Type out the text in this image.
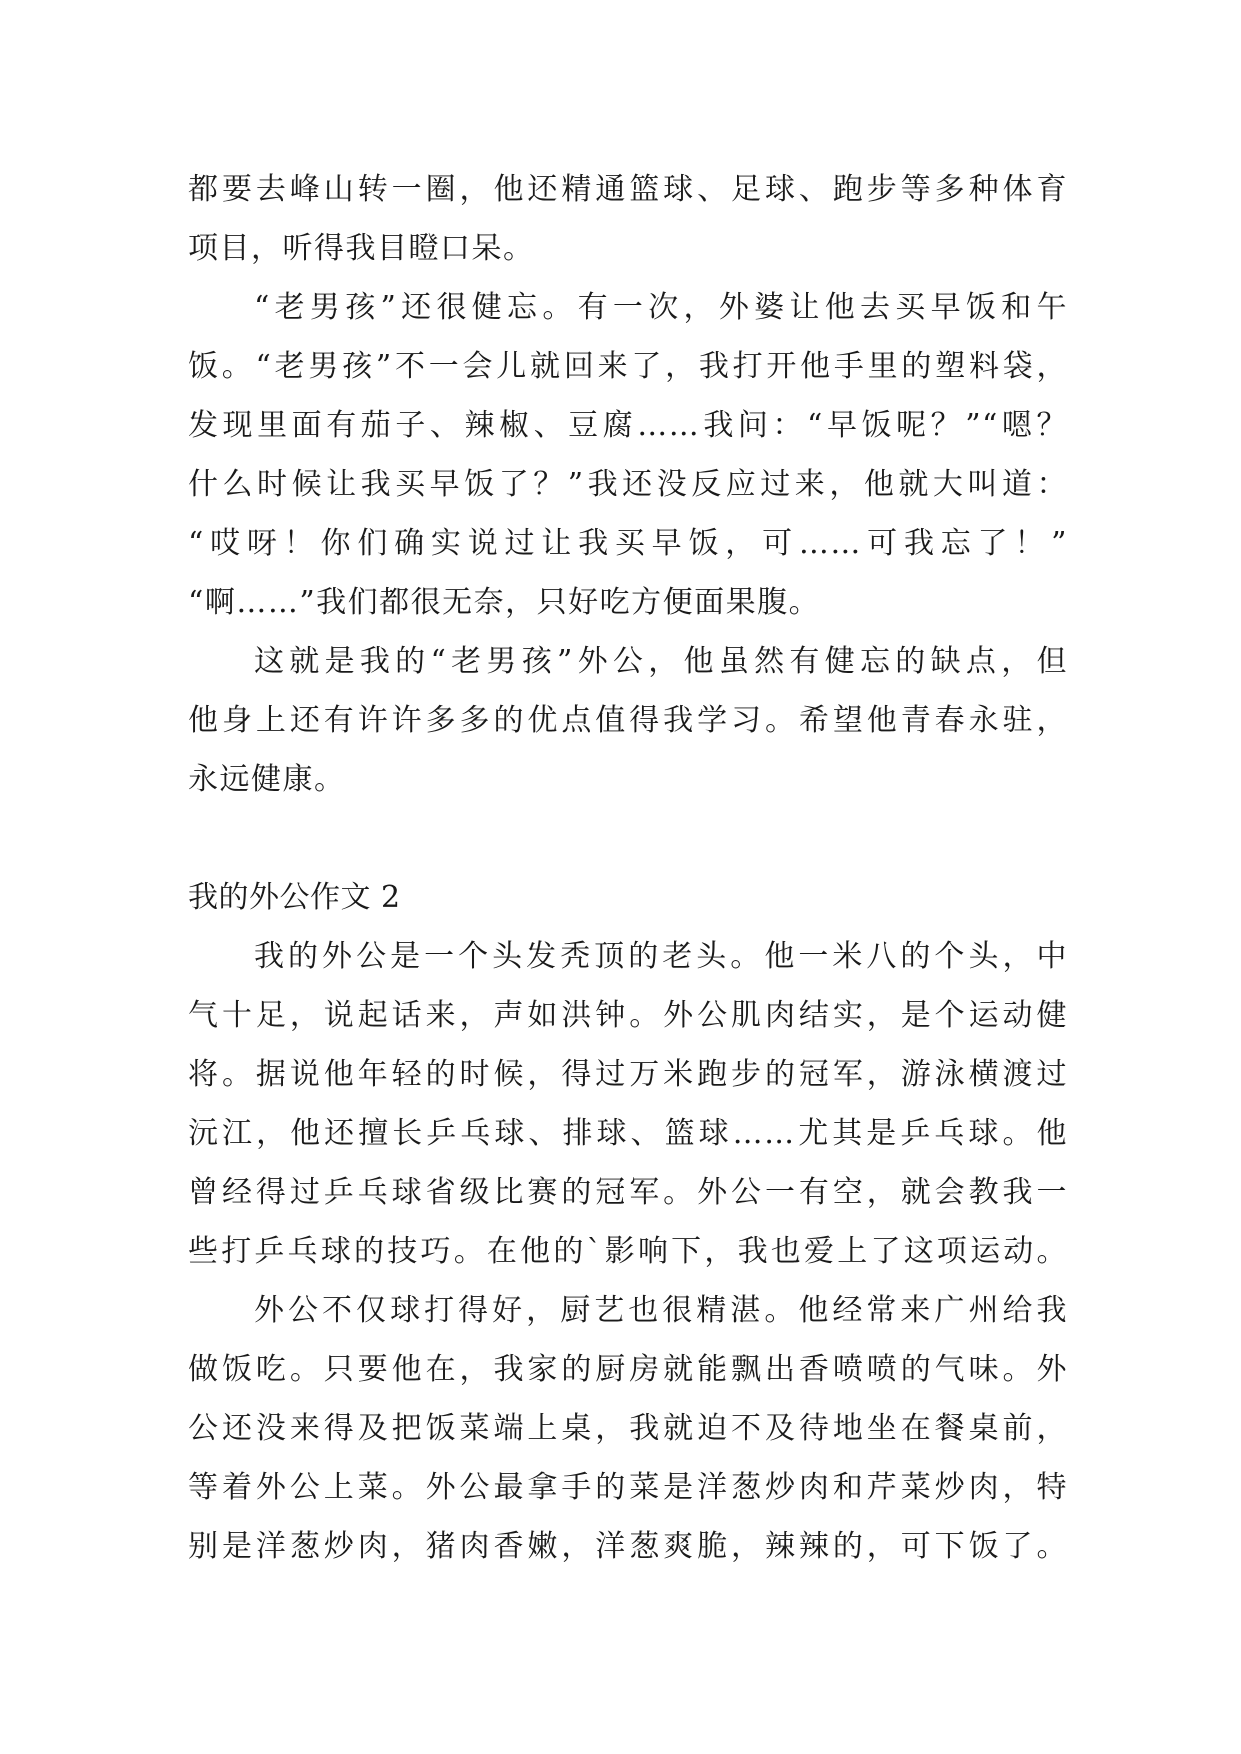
都要去峰山转一圈，他还精通篮球、足球、跑步等多种体育
项目，听得我目瞪口呆。
“老男孩”还很健忘。有一次，外婆让他去买早饭和午
饭。“老男孩”不一会儿就回来了，我打开他手里的塑料袋，
发现里面有茄子、辣椒、豆腐……我问：“早饭呢？”“嗯？
什么时候让我买早饭了？”我还没反应过来，他就大叫道：
“哎呀！你们确实说过让我买早饭，可……可我忘了！”
“啊……”我们都很无奈，只好吃方便面果腹。
这就是我的“老男孩”外公，他虽然有健忘的缺点，但
他身上还有许许多多的优点值得我学习。希望他青春永驻，
永远健康。
我的外公作文 2
我的外公是一个头发秃顶的老头。他一米八的个头，中
气十足，说起话来，声如洪钟。外公肌肉结实，是个运动健
将。据说他年轻的时候，得过万米跑步的冠军，游泳横渡过
沅江，他还擅长乒乓球、排球、篮球……尤其是乒乓球。他
曾经得过乒乓球省级比赛的冠军。外公一有空，就会教我一
些打乒乓球的技巧。在他的`影响下，我也爱上了这项运动。
外公不仅球打得好，厨艺也很精湛。他经常来广州给我
做饭吃。只要他在，我家的厨房就能飘出香喷喷的气味。外
公还没来得及把饭菜端上桌，我就迫不及待地坐在餐桌前，
等着外公上菜。外公最拿手的菜是洋葱炒肉和芹菜炒肉，特
别是洋葱炒肉，猪肉香嫩，洋葱爽脆，辣辣的，可下饭了。
